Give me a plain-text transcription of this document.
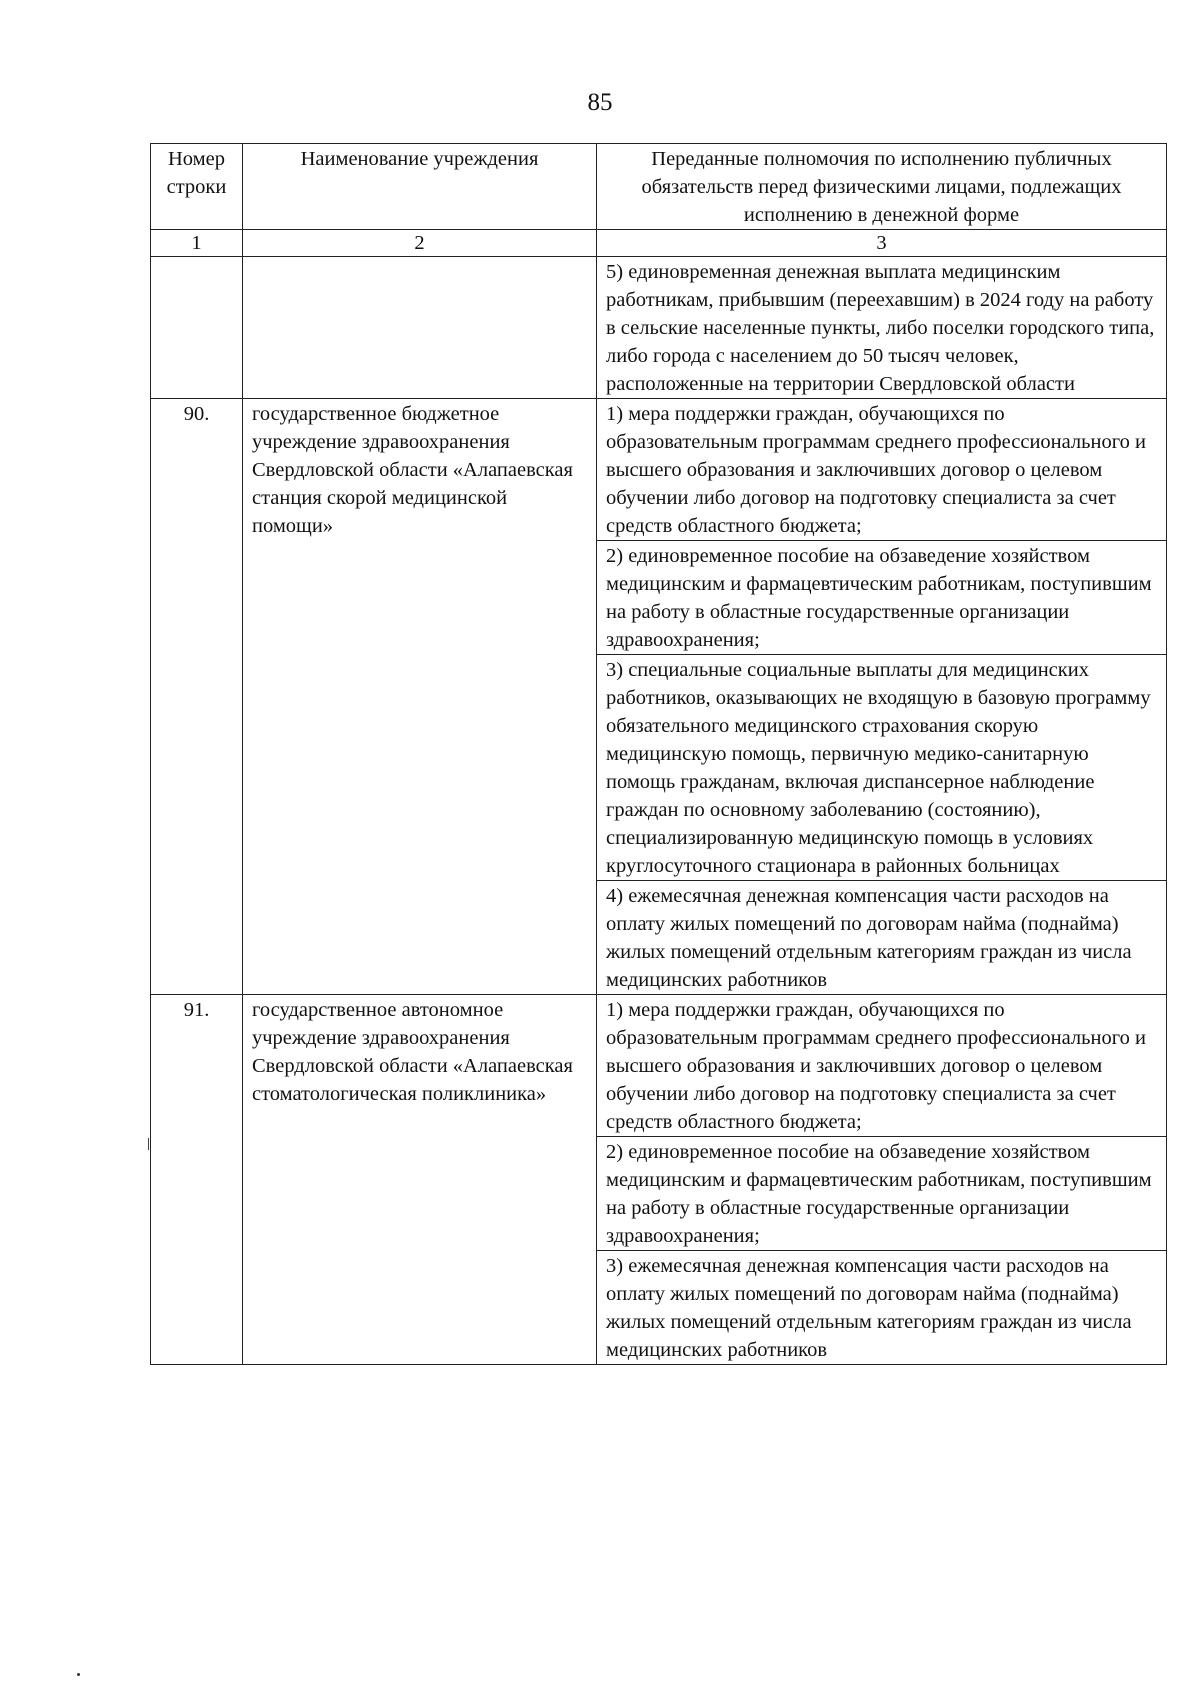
85
Номер строки	Наименование учреждения	Переданные полномочия по исполнению публичных обязательств перед физическими лицами, подлежащих исполнению в денежной форме
1	2	3
		5) единовременная денежная выплата медицинским работникам, прибывшим (переехавшим) в 2024 году на работу в сельские населенные пункты, либо поселки городского типа, либо города с населением до 50 тысяч человек, расположенные на территории Свердловской области
90.	государственное бюджетное учреждение здравоохранения Свердловской области «Алапаевская станция скорой медицинской помощи»	1) мера поддержки граждан, обучающихся по образовательным программам среднего профессионального и высшего образования и заключивших договор о целевом обучении либо договор на подготовку специалиста за счет средств областного бюджета;
		2) единовременное пособие на обзаведение хозяйством медицинским и фармацевтическим работникам, поступившим на работу в областные государственные организации здравоохранения;
		3) специальные социальные выплаты для медицинских работников, оказывающих не входящую в базовую программу обязательного медицинского страхования скорую медицинскую помощь, первичную медико-санитарную помощь гражданам, включая диспансерное наблюдение граждан по основному заболеванию (состоянию), специализированную медицинскую помощь в условиях круглосуточного стационара в районных больницах
		4) ежемесячная денежная компенсация части расходов на оплату жилых помещений по договорам найма (поднайма) жилых помещений отдельным категориям граждан из числа медицинских работников
91.	государственное автономное учреждение здравоохранения Свердловской области «Алапаевская стоматологическая поликлиника»	1) мера поддержки граждан, обучающихся по образовательным программам среднего профессионального и высшего образования и заключивших договор о целевом обучении либо договор на подготовку специалиста за счет средств областного бюджета;
		2) единовременное пособие на обзаведение хозяйством медицинским и фармацевтическим работникам, поступившим на работу в областные государственные организации здравоохранения;
		3) ежемесячная денежная компенсация части расходов на оплату жилых помещений по договорам найма (поднайма) жилых помещений отдельным категориям граждан из числа медицинских работников
